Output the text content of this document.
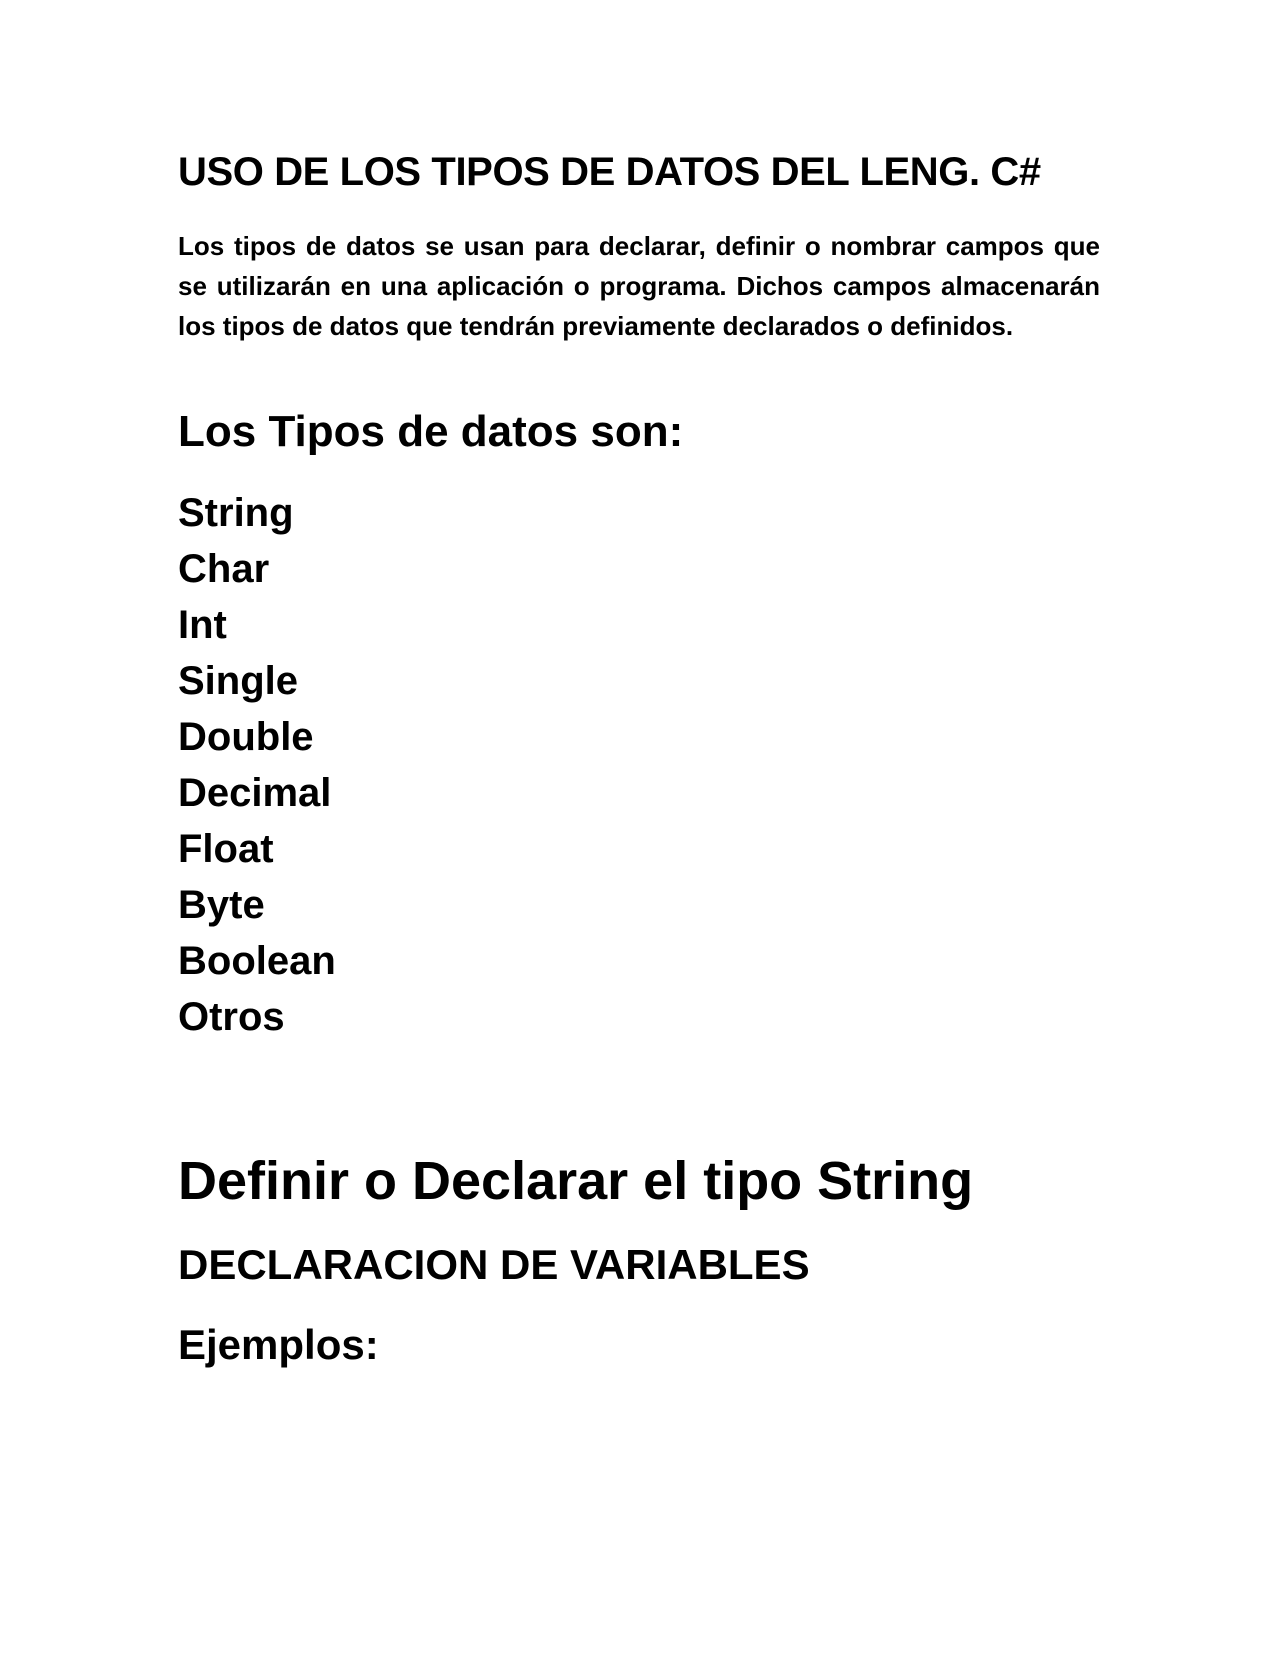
USO DE LOS TIPOS DE DATOS DEL LENG. C#

Los tipos de datos se usan para declarar, definir o nombrar campos que se utilizarán en una aplicación o programa. Dichos campos almacenarán los tipos de datos que tendrán previamente declarados o definidos.

Los Tipos de datos son:
String
Char
Int
Single
Double
Decimal
Float
Byte
Boolean
Otros
Definir o Declarar el tipo String
DECLARACION DE VARIABLES
Ejemplos:
